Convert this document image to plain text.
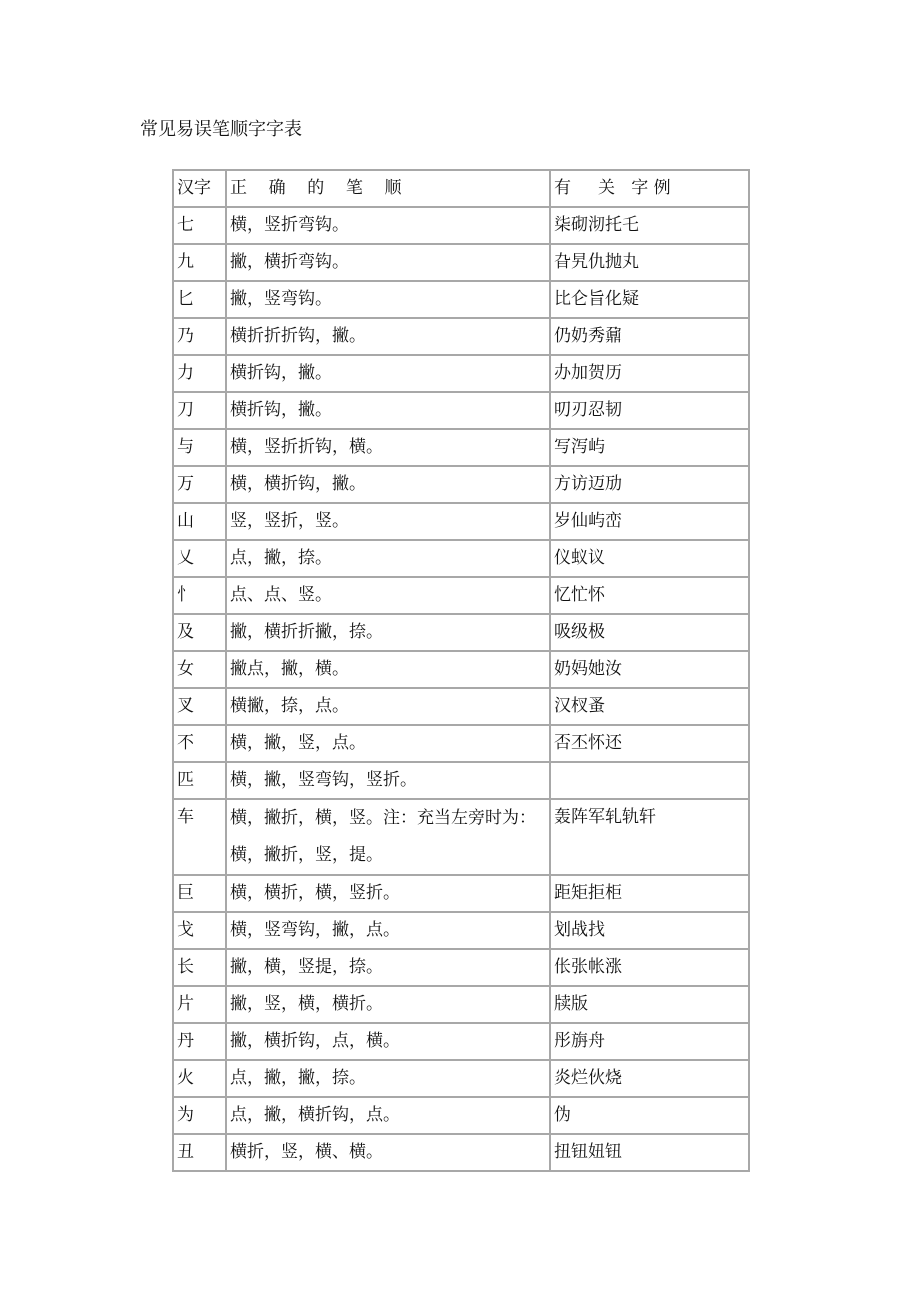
常见易误笔顺字字表
汉字	正    确    的    笔    顺	有     关   字 例
七	横，竖折弯钩。	柒砌沏托乇
九	撇，横折弯钩。	旮旯仇抛丸
匕	撇，竖弯钩。	比仑旨化疑
乃	横折折折钩，撇。	仍奶秀鼐
力	横折钩，撇。	办加贺历
刀	横折钩，撇。	叨刃忍韧
与	横，竖折折钩，横。	写泻屿
万	横，横折钩，撇。	方访迈劢
山	竖，竖折，竖。	岁仙屿峦
乂	点，撇，捺。	仪蚁议
忄	点、点、竖。	忆忙怀
及	撇，横折折撇，捺。	吸级极
女	撇点，撇，横。	奶妈她汝
叉	横撇，捺，点。	汉杈蚤
不	横，撇，竖，点。	否丕怀还
匹	横，撇，竖弯钩，竖折。	
车	横，撇折，横，竖。注：充当左旁时为：横，撇折，竖，提。	轰阵军轧轨轩
巨	横，横折，横，竖折。	距矩拒柜
戈	横，竖弯钩，撇，点。	划战找
长	撇，横，竖提，捺。	伥张帐涨
片	撇，竖，横，横折。	牍版
丹	撇，横折钩，点，横。	彤旃舟
火	点，撇，撇，捺。	炎烂伙烧
为	点，撇，横折钩，点。	伪
丑	横折，竖，横、横。	扭钮妞钮
